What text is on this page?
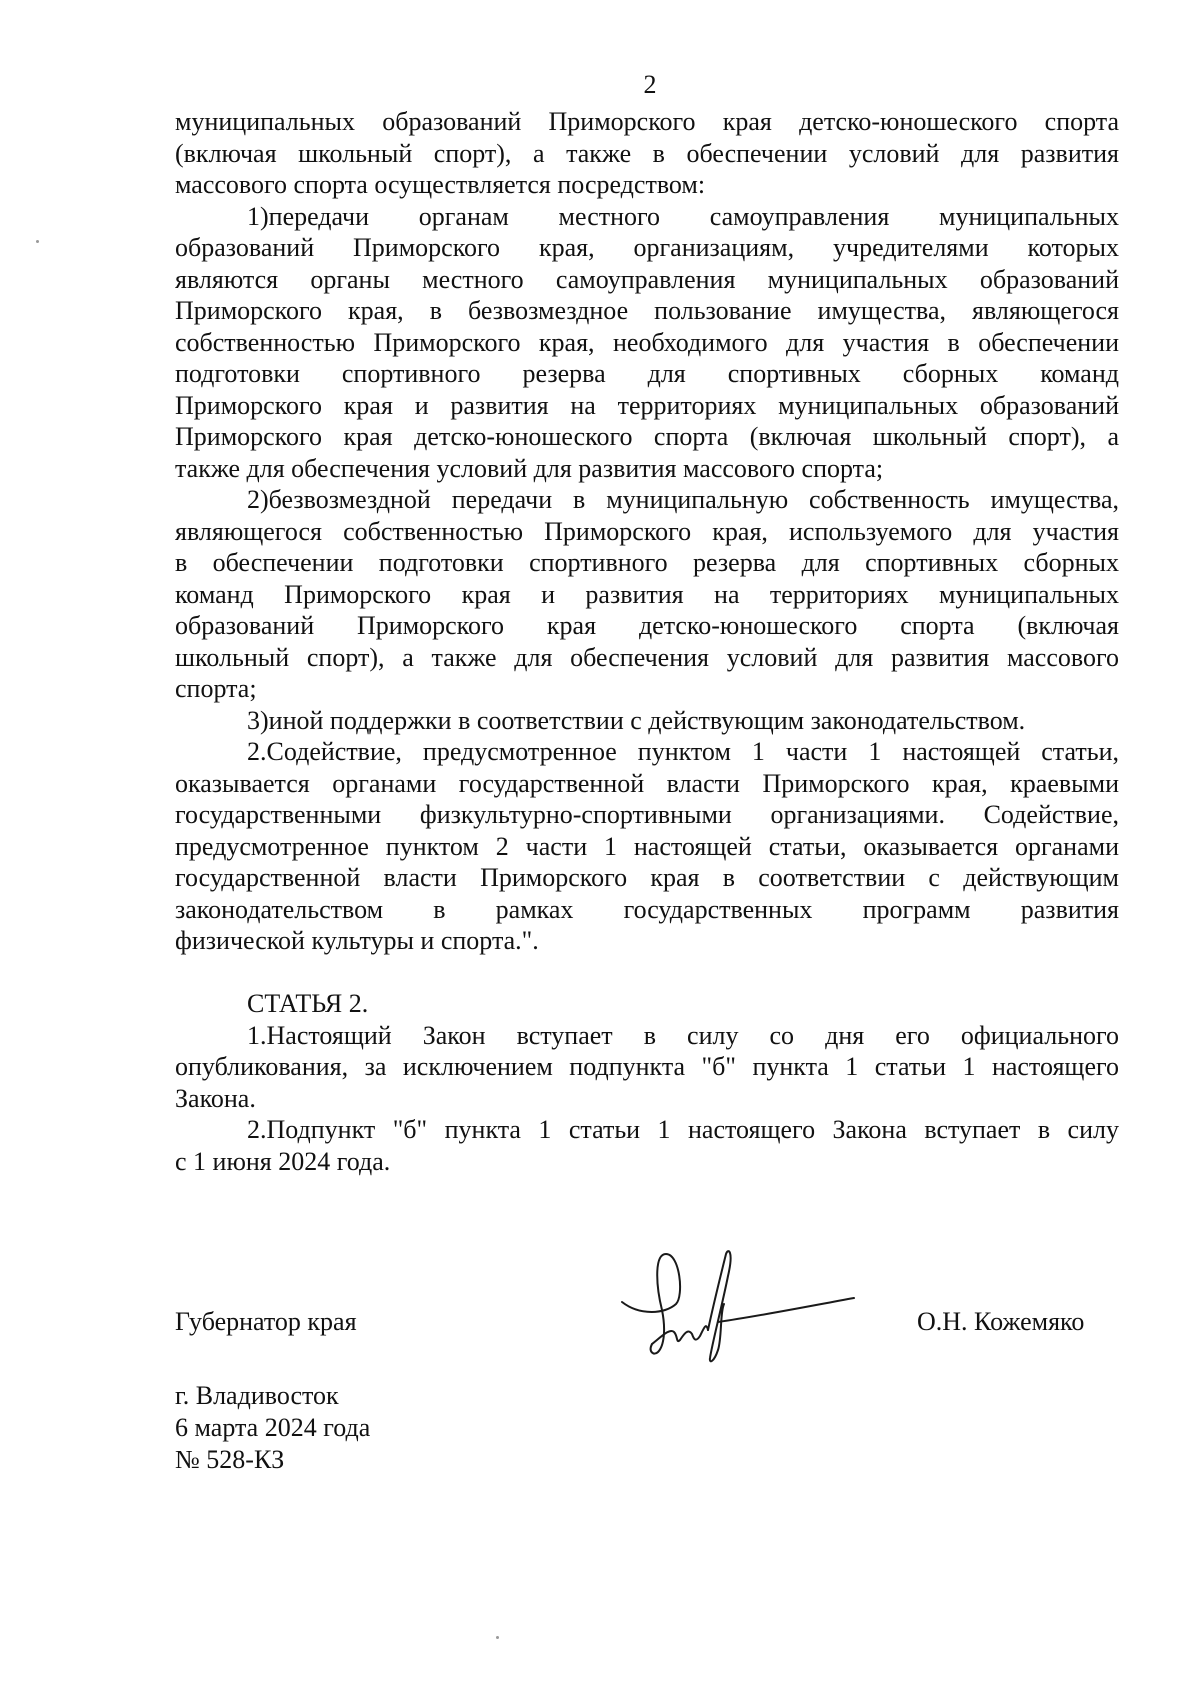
2
муниципальных образований Приморского края детско-юношеского спорта
(включая школьный спорт), а также в обеспечении условий для развития
массового спорта осуществляется посредством:
1)передачи органам местного самоуправления муниципальных
образований Приморского края, организациям, учредителями которых
являются органы местного самоуправления муниципальных образований
Приморского края, в безвозмездное пользование имущества, являющегося
собственностью Приморского края, необходимого для участия в обеспечении
подготовки спортивного резерва для спортивных сборных команд
Приморского края и развития на территориях муниципальных образований
Приморского края детско-юношеского спорта (включая школьный спорт), а
также для обеспечения условий для развития массового спорта;
2)безвозмездной передачи в муниципальную собственность имущества,
являющегося собственностью Приморского края, используемого для участия
в обеспечении подготовки спортивного резерва для спортивных сборных
команд Приморского края и развития на территориях муниципальных
образований Приморского края детско-юношеского спорта (включая
школьный спорт), а также для обеспечения условий для развития массового
спорта;
3)иной поддержки в соответствии с действующим законодательством.
2.Содействие, предусмотренное пунктом 1 части 1 настоящей статьи,
оказывается органами государственной власти Приморского края, краевыми
государственными физкультурно-спортивными организациями. Содействие,
предусмотренное пунктом 2 части 1 настоящей статьи, оказывается органами
государственной власти Приморского края в соответствии с действующим
законодательством в рамках государственных программ развития
физической культуры и спорта.".
СТАТЬЯ 2.
1.Настоящий Закон вступает в силу со дня его официального
опубликования, за исключением подпункта "б" пункта 1 статьи 1 настоящего
Закона.
2.Подпункт "б" пункта 1 статьи 1 настоящего Закона вступает в силу
с 1 июня 2024 года.
Губернатор края	О.Н. Кожемяко
г. Владивосток
6 марта 2024 года
№ 528-КЗ
